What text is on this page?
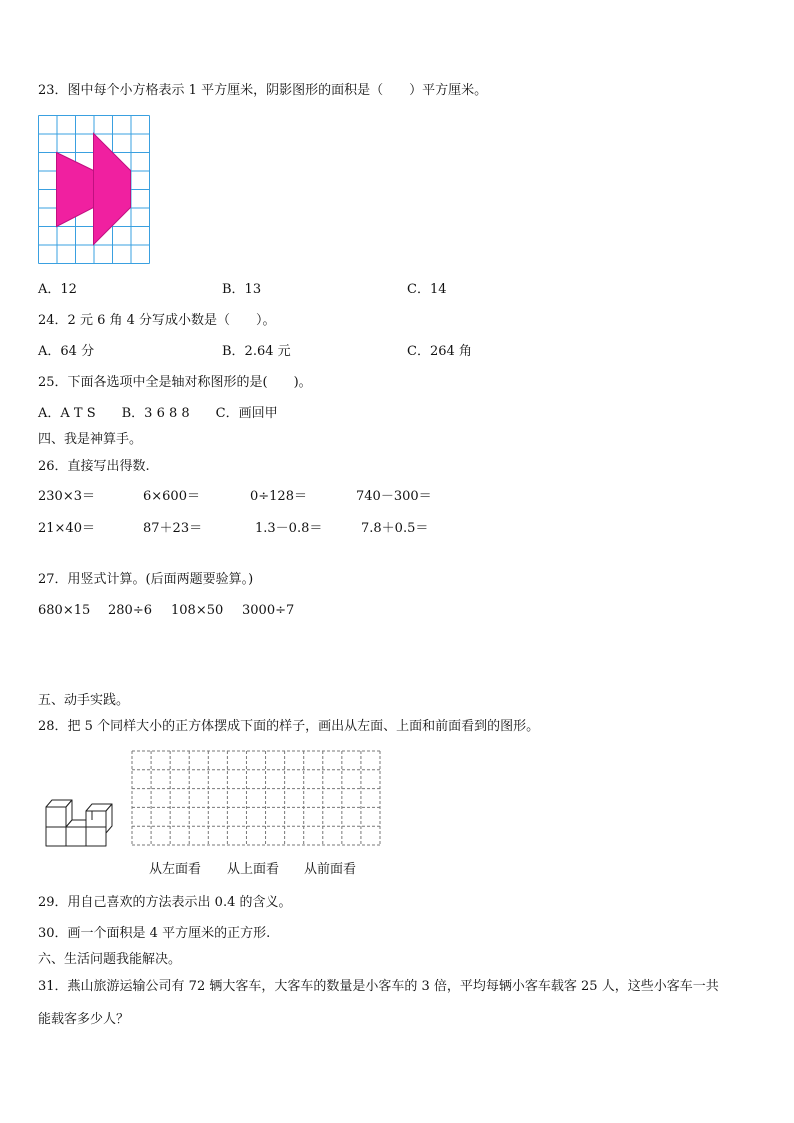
23．图中每个小方格表示 1 平方厘米，阴影图形的面积是（　　）平方厘米。
A．12	B．13	C．14
24．2 元 6 角 4 分写成小数是（　　）。
A．64 分	B．2.64 元	C．264 角
25．下面各选项中全是轴对称图形的是(　　)。
A．A T S　　B．3 6 8 8　　C．画回甲
四、我是神算手。
26．直接写出得数.
230×3＝	6×600＝	0÷128＝	740－300＝
21×40＝	87＋23＝	1.3－0.8＝	7.8＋0.5＝
27．用竖式计算。(后面两题要验算。)
680×15 280÷6 108×50 3000÷7
五、动手实践。
28．把 5 个同样大小的正方体摆成下面的样子，画出从左面、上面和前面看到的图形。
从左面看 从上面看 从前面看
29．用自己喜欢的方法表示出 0.4 的含义。
30．画一个面积是 4 平方厘米的正方形.
六、生活问题我能解决。
31．燕山旅游运输公司有 72 辆大客车，大客车的数量是小客车的 3 倍，平均每辆小客车载客 25 人，这些小客车一共
能载客多少人？
